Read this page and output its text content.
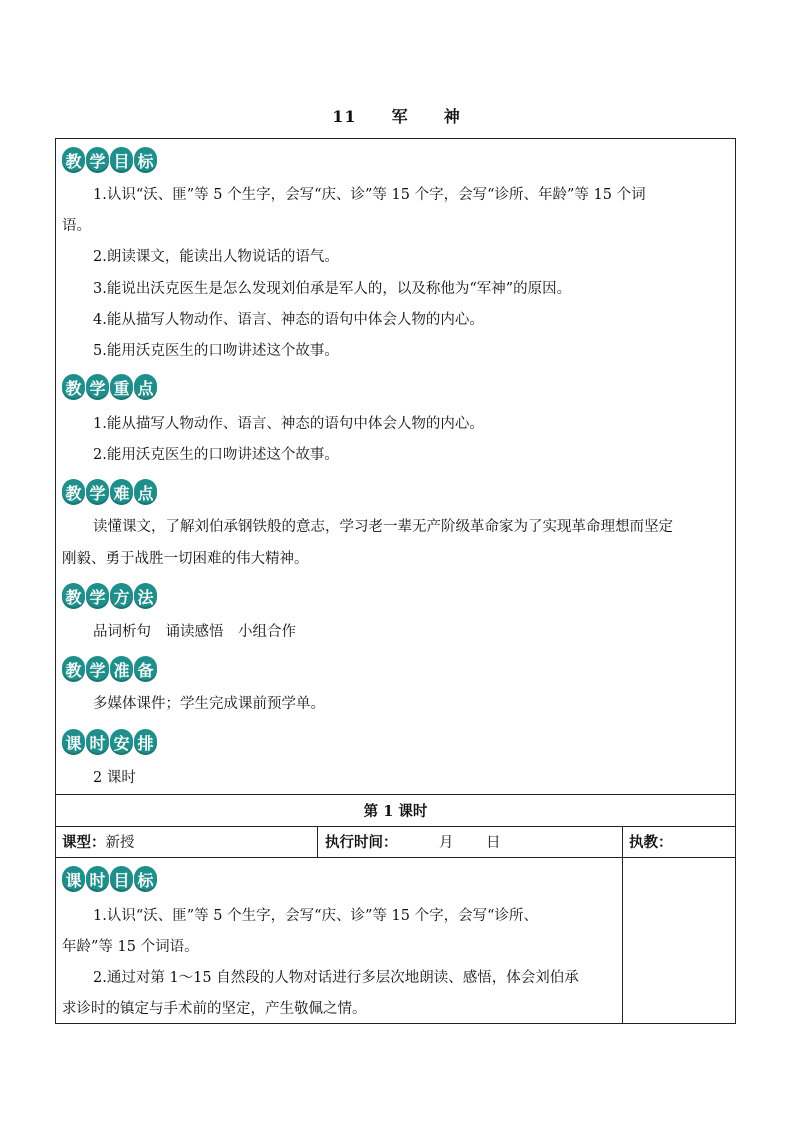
11 军 神
教 学 目 标
1.认识“沃、匪”等 5 个生字，会写“庆、诊”等 15 个字，会写“诊所、年龄”等 15 个词
语。
2.朗读课文，能读出人物说话的语气。
3.能说出沃克医生是怎么发现刘伯承是军人的，以及称他为“军神”的原因。
4.能从描写人物动作、语言、神态的语句中体会人物的内心。
5.能用沃克医生的口吻讲述这个故事。
教 学 重 点
1.能从描写人物动作、语言、神态的语句中体会人物的内心。
2.能用沃克医生的口吻讲述这个故事。
教 学 难 点
读懂课文，了解刘伯承钢铁般的意志，学习老一辈无产阶级革命家为了实现革命理想而坚定
刚毅、勇于战胜一切困难的伟大精神。
教 学 方 法
品词析句　诵读感悟　小组合作
教 学 准 备
多媒体课件；学生完成课前预学单。
课 时 安 排
2 课时
第 1 课时
课型：新授	执行时间：	月 日	执教：
课 时 目 标
1.认识“沃、匪”等 5 个生字，会写“庆、诊”等 15 个字，会写“诊所、
年龄”等 15 个词语。
2.通过对第 1～15 自然段的人物对话进行多层次地朗读、感悟，体会刘伯承
求诊时的镇定与手术前的坚定，产生敬佩之情。
